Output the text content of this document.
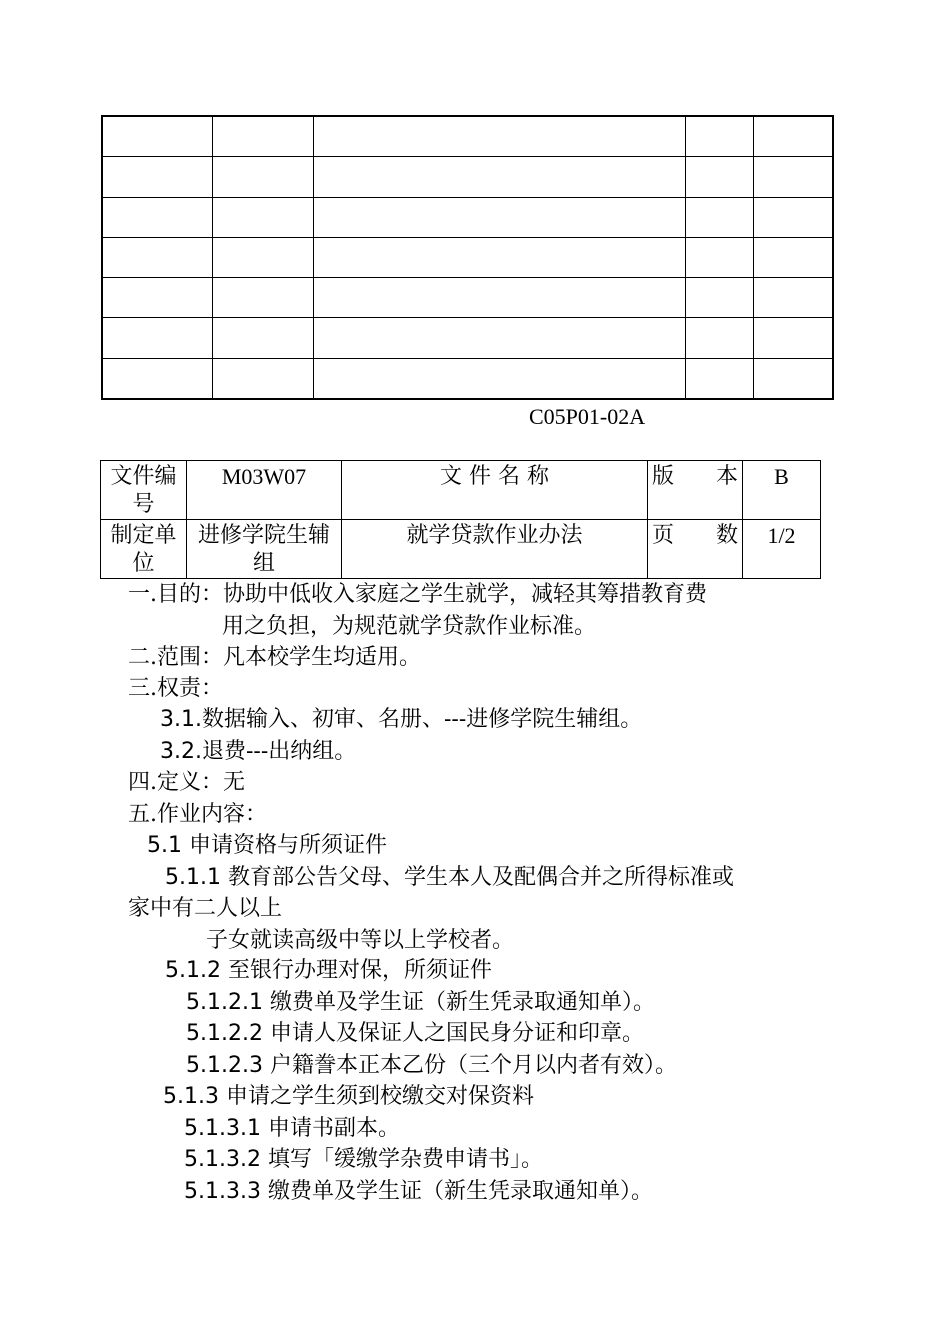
C05P01-02A
文件编号	M03W07	文 件 名 称	版 本	B
制定单位	进修学院生辅组	就学贷款作业办法	页 数	1/2
一.目的：协助中低收入家庭之学生就学，减轻其筹措教育费
用之负担，为规范就学贷款作业标准。
二.范围：凡本校学生均适用。
三.权责：
3.1.数据输入、初审、名册、---进修学院生辅组。
3.2.退费---出纳组。
四.定义：无
五.作业内容：
5.1 申请资格与所须证件
5.1.1 教育部公告父母、学生本人及配偶合并之所得标准或
家中有二人以上
子女就读高级中等以上学校者。
5.1.2 至银行办理对保，所须证件
5.1.2.1 缴费单及学生证（新生凭录取通知单）。
5.1.2.2 申请人及保证人之国民身分证和印章。
5.1.2.3 户籍誊本正本乙份（三个月以内者有效）。
5.1.3 申请之学生须到校缴交对保资料
5.1.3.1 申请书副本。
5.1.3.2 填写「缓缴学杂费申请书」。
5.1.3.3 缴费单及学生证（新生凭录取通知单）。
